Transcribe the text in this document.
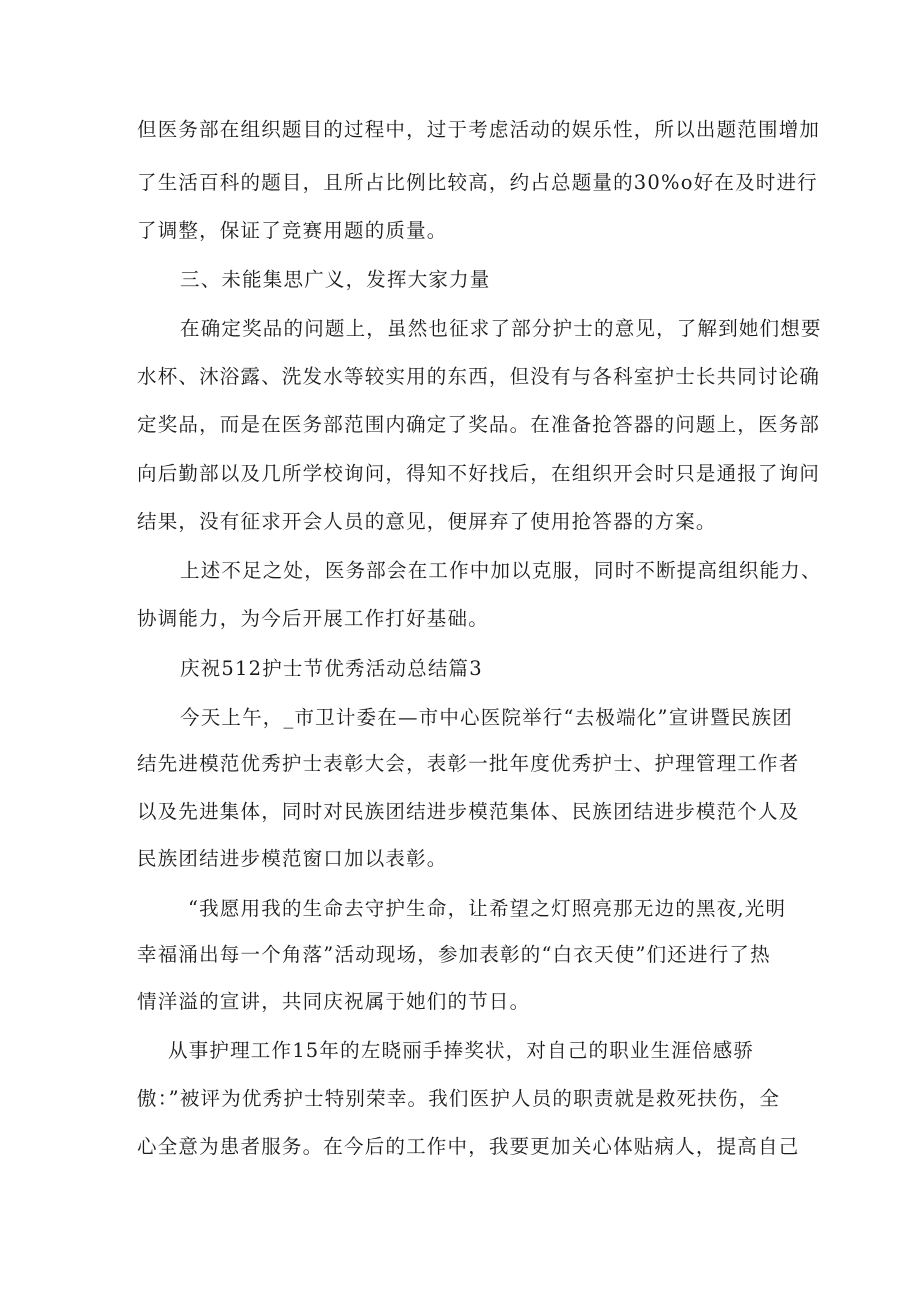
但医务部在组织题目的过程中，过于考虑活动的娱乐性，所以出题范围增加

了生活百科的题目，且所占比例比较高，约占总题量的30%o好在及时进行

了调整，保证了竞赛用题的质量。

三、未能集思广义，发挥大家力量

在确定奖品的问题上，虽然也征求了部分护士的意见，了解到她们想要

水杯、沐浴露、洗发水等较实用的东西，但没有与各科室护士长共同讨论确

定奖品，而是在医务部范围内确定了奖品。在准备抢答器的问题上，医务部

向后勤部以及几所学校询问，得知不好找后，在组织开会时只是通报了询问

结果，没有征求开会人员的意见，便屏弃了使用抢答器的方案。

上述不足之处，医务部会在工作中加以克服，同时不断提高组织能力、

协调能力，为今后开展工作打好基础。

庆祝512护士节优秀活动总结篇3

今天上午，_市卫计委在—市中心医院举行“去极端化”宣讲暨民族团

结先进模范优秀护士表彰大会，表彰一批年度优秀护士、护理管理工作者

以及先进集体，同时对民族团结进步模范集体、民族团结进步模范个人及

民族团结进步模范窗口加以表彰。

“我愿用我的生命去守护生命，让希望之灯照亮那无边的黑夜,光明

幸福涌出每一个角落”活动现场，参加表彰的“白衣天使”们还进行了热

情洋溢的宣讲，共同庆祝属于她们的节日。

从事护理工作15年的左晓丽手捧奖状，对自己的职业生涯倍感骄

傲：”被评为优秀护士特别荣幸。我们医护人员的职责就是救死扶伤，全

心全意为患者服务。在今后的工作中，我要更加关心体贴病人，提高自己
